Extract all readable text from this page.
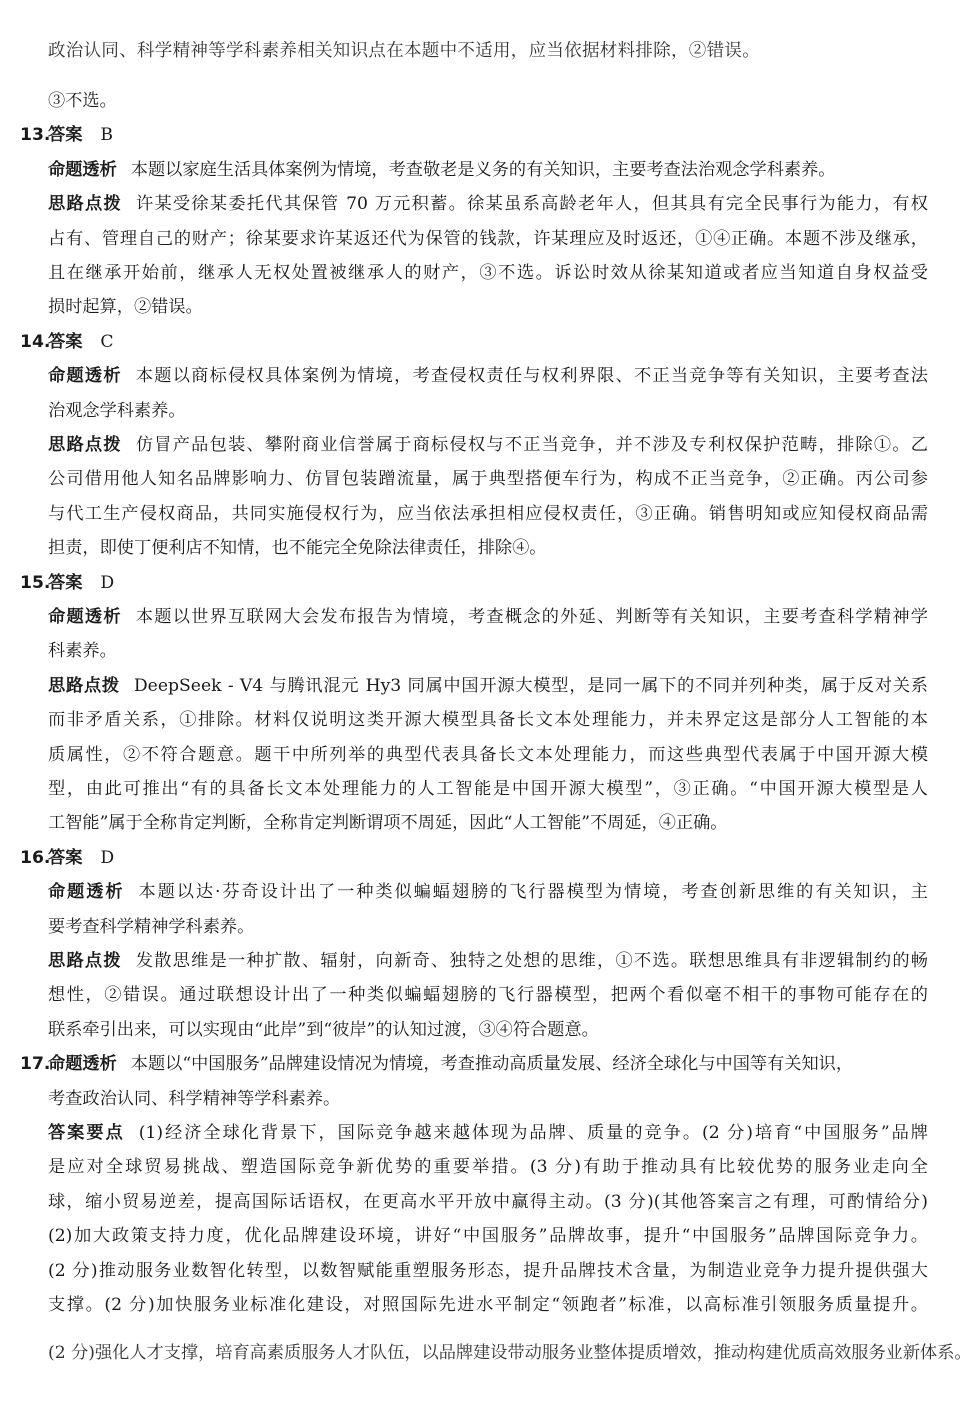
政治认同、科学精神等学科素养相关知识点在本题中不适用，应当依据材料排除，②错误。
③不选。
13.答案 B
命题透析 本题以家庭生活具体案例为情境，考查敬老是义务的有关知识，主要考查法治观念学科素养。
思路点拨 许某受徐某委托代其保管 70 万元积蓄。徐某虽系高龄老年人，但其具有完全民事行为能力，有权
占有、管理自己的财产；徐某要求许某返还代为保管的钱款，许某理应及时返还，①④正确。本题不涉及继承，
且在继承开始前，继承人无权处置被继承人的财产，③不选。诉讼时效从徐某知道或者应当知道自身权益受
损时起算，②错误。
14.答案 C
命题透析 本题以商标侵权具体案例为情境，考查侵权责任与权利界限、不正当竞争等有关知识，主要考查法
治观念学科素养。
思路点拨 仿冒产品包装、攀附商业信誉属于商标侵权与不正当竞争，并不涉及专利权保护范畴，排除①。乙
公司借用他人知名品牌影响力、仿冒包装蹭流量，属于典型搭便车行为，构成不正当竞争，②正确。丙公司参
与代工生产侵权商品，共同实施侵权行为，应当依法承担相应侵权责任，③正确。销售明知或应知侵权商品需
担责，即使丁便利店不知情，也不能完全免除法律责任，排除④。
15.答案 D
命题透析 本题以世界互联网大会发布报告为情境，考查概念的外延、判断等有关知识，主要考查科学精神学
科素养。
思路点拨 DeepSeek - V4 与腾讯混元 Hy3 同属中国开源大模型，是同一属下的不同并列种类，属于反对关系
而非矛盾关系，①排除。材料仅说明这类开源大模型具备长文本处理能力，并未界定这是部分人工智能的本
质属性，②不符合题意。题干中所列举的典型代表具备长文本处理能力，而这些典型代表属于中国开源大模
型，由此可推出“有的具备长文本处理能力的人工智能是中国开源大模型”，③正确。“中国开源大模型是人
工智能”属于全称肯定判断，全称肯定判断谓项不周延，因此“人工智能”不周延，④正确。
16.答案 D
命题透析 本题以达·芬奇设计出了一种类似蝙蝠翅膀的飞行器模型为情境，考查创新思维的有关知识，主
要考查科学精神学科素养。
思路点拨 发散思维是一种扩散、辐射，向新奇、独特之处想的思维，①不选。联想思维具有非逻辑制约的畅
想性，②错误。通过联想设计出了一种类似蝙蝠翅膀的飞行器模型，把两个看似毫不相干的事物可能存在的
联系牵引出来，可以实现由“此岸”到“彼岸”的认知过渡，③④符合题意。
17.命题透析 本题以“中国服务”品牌建设情况为情境，考查推动高质量发展、经济全球化与中国等有关知识，
考查政治认同、科学精神等学科素养。
答案要点 (1)经济全球化背景下，国际竞争越来越体现为品牌、质量的竞争。(2 分)培育“中国服务”品牌
是应对全球贸易挑战、塑造国际竞争新优势的重要举措。(3 分)有助于推动具有比较优势的服务业走向全
球，缩小贸易逆差，提高国际话语权，在更高水平开放中赢得主动。(3 分)(其他答案言之有理，可酌情给分)
(2)加大政策支持力度，优化品牌建设环境，讲好“中国服务”品牌故事，提升“中国服务”品牌国际竞争力。
(2 分)推动服务业数智化转型，以数智赋能重塑服务形态，提升品牌技术含量，为制造业竞争力提升提供强大
支撑。(2 分)加快服务业标准化建设，对照国际先进水平制定“领跑者”标准，以高标准引领服务质量提升。
(2 分)强化人才支撑，培育高素质服务人才队伍，以品牌建设带动服务业整体提质增效，推动构建优质高效服务业新体系。
